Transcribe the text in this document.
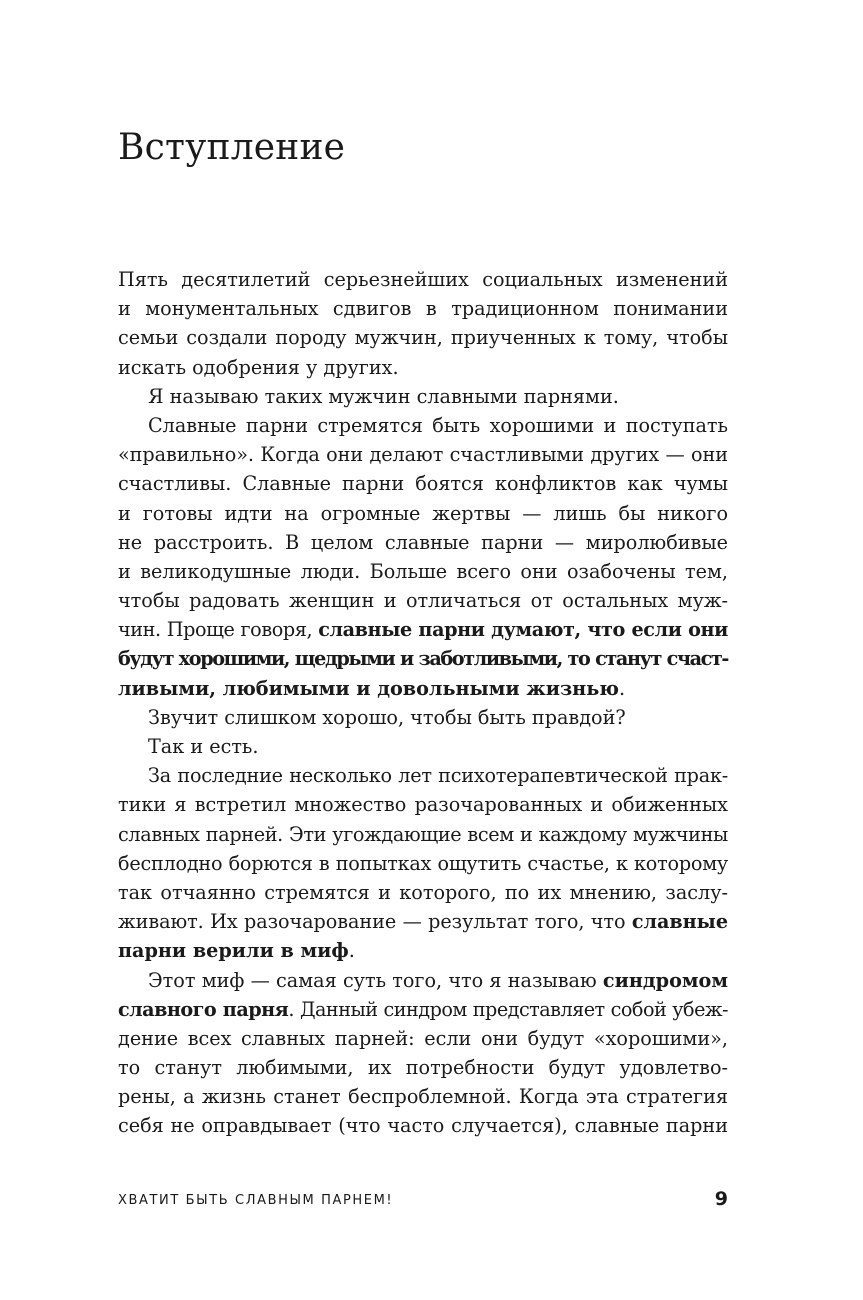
Вступление
Пять десятилетий серьезнейших социальных изменений
и монументальных сдвигов в традиционном понимании
семьи создали породу мужчин, приученных к тому, чтобы
искать одобрения у других.
Я называю таких мужчин славными парнями.
Славные парни стремятся быть хорошими и поступать
«правильно». Когда они делают счастливыми других — они
счастливы. Славные парни боятся конфликтов как чумы
и готовы идти на огромные жертвы — лишь бы никого
не расстроить. В целом славные парни — миролюбивые
и великодушные люди. Больше всего они озабочены тем,
чтобы радовать женщин и отличаться от остальных муж-
чин. Проще говоря, славные парни думают, что если они
будут хорошими, щедрыми и заботливыми, то станут счаст-
ливыми, любимыми и довольными жизнью.
Звучит слишком хорошо, чтобы быть правдой?
Так и есть.
За последние несколько лет психотерапевтической прак-
тики я встретил множество разочарованных и обиженных
славных парней. Эти угождающие всем и каждому мужчины
бесплодно борются в попытках ощутить счастье, к которому
так отчаянно стремятся и которого, по их мнению, заслу-
живают. Их разочарование — результат того, что славные
парни верили в миф.
Этот миф — самая суть того, что я называю синдромом
славного парня. Данный синдром представляет собой убеж-
дение всех славных парней: если они будут «хорошими»,
то станут любимыми, их потребности будут удовлетво-
рены, а жизнь станет беспроблемной. Когда эта стратегия
себя не оправдывает (что часто случается), славные парни
ХВАТИТ БЫТЬ СЛАВНЫМ ПАРНЕМ!	9
